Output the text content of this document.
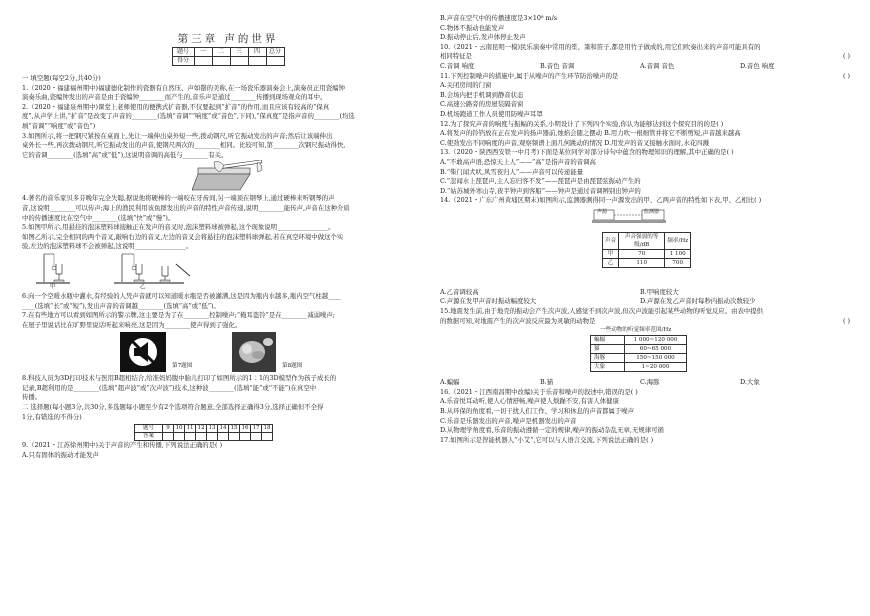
第三章 声的世界
题号	一	二	三	四	总分
得分					
一 填空题(每空2分,共40分)
1.（2020・福建福州期中)福建德化制作的瓷器有自然压、声如罄的美称,在一场瓷乐器演奏会上,演奏员正用瓷编钟
演奏乐曲,瓷编钟发出的声音是由于瓷编钟________而产生的,音乐声是通过________传播到现场观众的耳中。
2.（2020・福建泉州期中)课堂上老师使用的便携式扩音器,不仅要起到“扩音”的作用,而且应该有较高的“保真
度”,从声学上讲,“扩音”是改变了声音的________(选填“音调”“响度”或“音色”,下同),“保真度”是指声音的________(均选
填“音调”“响度”或“音色”)
3.如图所示,将一把钢尺紧按在桌面上,先让一端伸出桌外短一些,拨动钢尺,听它振动发出的声音;然后让该端伸出
桌外长一些,再次拨动钢尺,听它振动发出的声音,使钢尺两次的________相同。比较可知,第________次钢尺振动得快,
它的音调________(选填“高”或“低”),这说明音调的高低与________有关。
4.著名的音乐家贝多芬晚年完全失聪,据说他将硬棒的一端咬在牙齿间,另一端顶在钢琴上,通过硬棒来听钢琴的声
音,这说明________可以传声;海上的渔民利用该鱼群发出的声音的特性声音传递,说明________能传声,声音在这种介质
中的传播速度比在空气中________(选填“快”或“慢”)。
5.如图甲所示,用悬挂的泡沫塑料球接触正在发声的音叉时,泡沫塑料球被弹起,这个现象说明________________。
如图乙所示,完全相同的两个音叉,敲响右边的音叉,左边的音叉会将悬挂的泡沫塑料球弹起,若在真空环境中做这个实
验,左边的泡沫塑料球不会被弹起,这说明________________。
甲	乙
6.向一个空暖水瓶中灌水,有经验的人凭声音就可以知道暖水瓶是否被灌满,这是因为瓶内水越多,瓶内空气柱越____
____(选填“长”或“短”),发出声音的音调越________(选填“高”或“低”)。
7.在有些地方可以看到如图所示的警示牌,这主要是为了在________控制噪声;“掩耳盗铃”是在________减弱噪声;
在屋子里说话比在旷野里说话听起来响亮,这是因为________使声得到了强化。
第7题图	第8题图
8.科技人员为3D打印技术与医用B超相结合,给准妈妈腹中胎儿打印了如图所示的1∶1的3D模型作为孩子成长的
记录,B超利用的是________(选填“超声波”或“次声波”)技术,这种波________(选填“能”或“不能”)在真空中
传播。
二 选择题(每小题3分,共30分,多选题每小题至少有2个选项符合题意,全部选择正确得3分,选择正确但不全得
1分,有错选的不得分)
题号	9	10	11	12	13	14	15	16	17	18
答案										
9.（2021・江苏徐州期中)关于声音的产生和传播,下列说法正确的是( )
A.只有固体的振动才能发声
B.声音在空气中的传播速度是3×10⁸ m/s
C.物体不振动也能发声
D.振动停止后,发声体停止发声
10.（2021・云南昆明一模)民乐演奏中常用的笙、箫和笛子,都是用竹子做成的,用它们吹奏出来的声音可能具有的
相同特征是	( )
C.音调 响度	B.音色 音调	A.音调 音色	D.音色 响度
11.下列控制噪声的措施中,属于从噪声的产生环节防治噪声的是	( )
A.关闭房间的门窗
B.会场内把手机调到静音状态
C.高速公路旁的房屋装隔音窗
D.机场跑道工作人员使用防噪声耳罩
12.为了探究声音的响度与振幅的关系,小明设计了下列四个实验,你认为能够达到这个探究目的的是( )
A.将发声的铃铛放在正在发声的扬声器前,烛焰会随之摆动 B.用力吹一根细管并将它不断剪短,声音越来越高
C.使劲发出不同响度的声音,观察频谱上面几何跳动的情况 D.用发声的音叉接触水面时,水花四溅
13.（2020・陕西西安铁一中月考)下面是某位同学对部分诗句中蕴含的物理知识的理解,其中正确的是( )
A.“不敢高声语,恐惊天上人”——“高”是指声音的音调高
B.“柴门闻犬吠,风雪夜归人”——声音可以传递能量
C.“忽闻水上琵琶声,主人忘归客不发”——琵琶声是由琵琶弦振动产生的
D.“姑苏城外寒山寺,夜半钟声到客船”——钟声是通过音调辨别出钟声的
14.（2021・广东广州黄埔区期末)如图所示,监测器测得同一声源发出的甲、乙两声音的特性如下表,甲、乙相比( )
声源	监测器
声音	声音强弱的等级/dB	频率/Hz
甲	70	1 100
乙	110	700
A.乙音调较高	B.甲响度较大
C.声源在发甲声音时振动幅度较大	D.声源在发乙声音时每秒内振动次数较少
15.地震发生前,由于地壳的振动会产生次声波,人感觉不到次声波,但次声波能引起某些动物的听觉反应。由表中提供
的数据可知,对地震产生的次声波反应最为灵敏的动物是	( )
一些动物的听觉频率范围/Hz
蝙蝠	1 000~120 000
猫	60~65 000
海豚	150~150 000
大象	1~20 000
A.蝙蝠	B.猫	C.海豚	D.大象
16.（2021・江西南昌期中改编)关于乐音和噪声的叙述中,错误的是( )
A.乐音悦耳动听,使人心情舒畅,噪声使人烦躁不安,有害人体健康
B.从环保的角度看,一切干扰人们工作、学习和休息的声音都属于噪声
C.乐音是乐器发出的声音,噪声是机器发出的声音
D.从物理学角度看,乐音的振动遵循一定的规律,噪声的振动杂乱无章,无规律可循
17.如图所示是智能机器人“小艾”,它可以与人语言交流,下列说法正确的是( )
